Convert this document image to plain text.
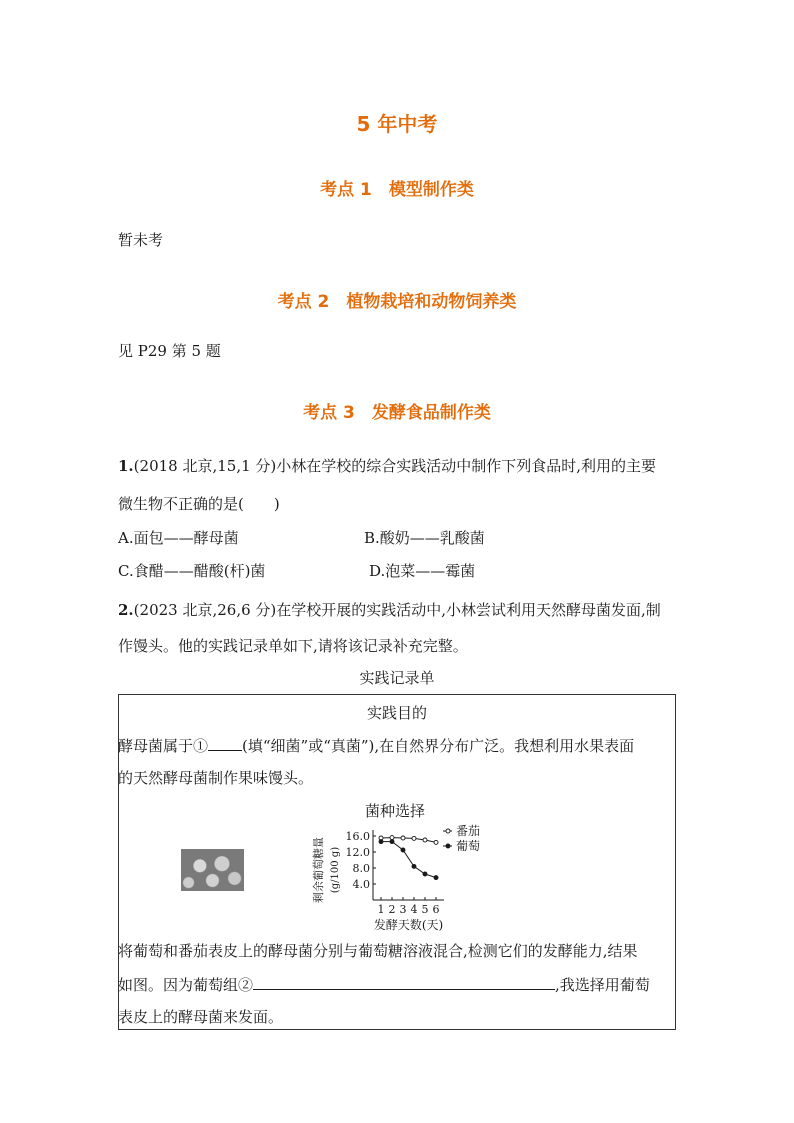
5 年中考
考点 1　模型制作类
暂未考
考点 2　植物栽培和动物饲养类
见 P29 第 5 题
考点 3　发酵食品制作类
1.(2018 北京,15,1 分)小林在学校的综合实践活动中制作下列食品时,利用的主要
微生物不正确的是(　　)
A.面包——酵母菌	B.酸奶——乳酸菌
C.食醋——醋酸(杆)菌	D.泡菜——霉菌
2.(2023 北京,26,6 分)在学校开展的实践活动中,小林尝试利用天然酵母菌发面,制
作馒头。他的实践记录单如下,请将该记录补充完整。
实践记录单
实践目的
酵母菌属于① (填“细菌”或“真菌”),在自然界分布广泛。我想利用水果表面
的天然酵母菌制作果味馒头。
菌种选择
4.0
8.0
12.0
16.0
1 2 3 4 5 6
发酵天数(天)
剩余葡萄糖量 (g/100 g)
番茄
葡萄
将葡萄和番茄表皮上的酵母菌分别与葡萄糖溶液混合,检测它们的发酵能力,结果
如图。因为葡萄组②	,我选择用葡萄
表皮上的酵母菌来发面。
